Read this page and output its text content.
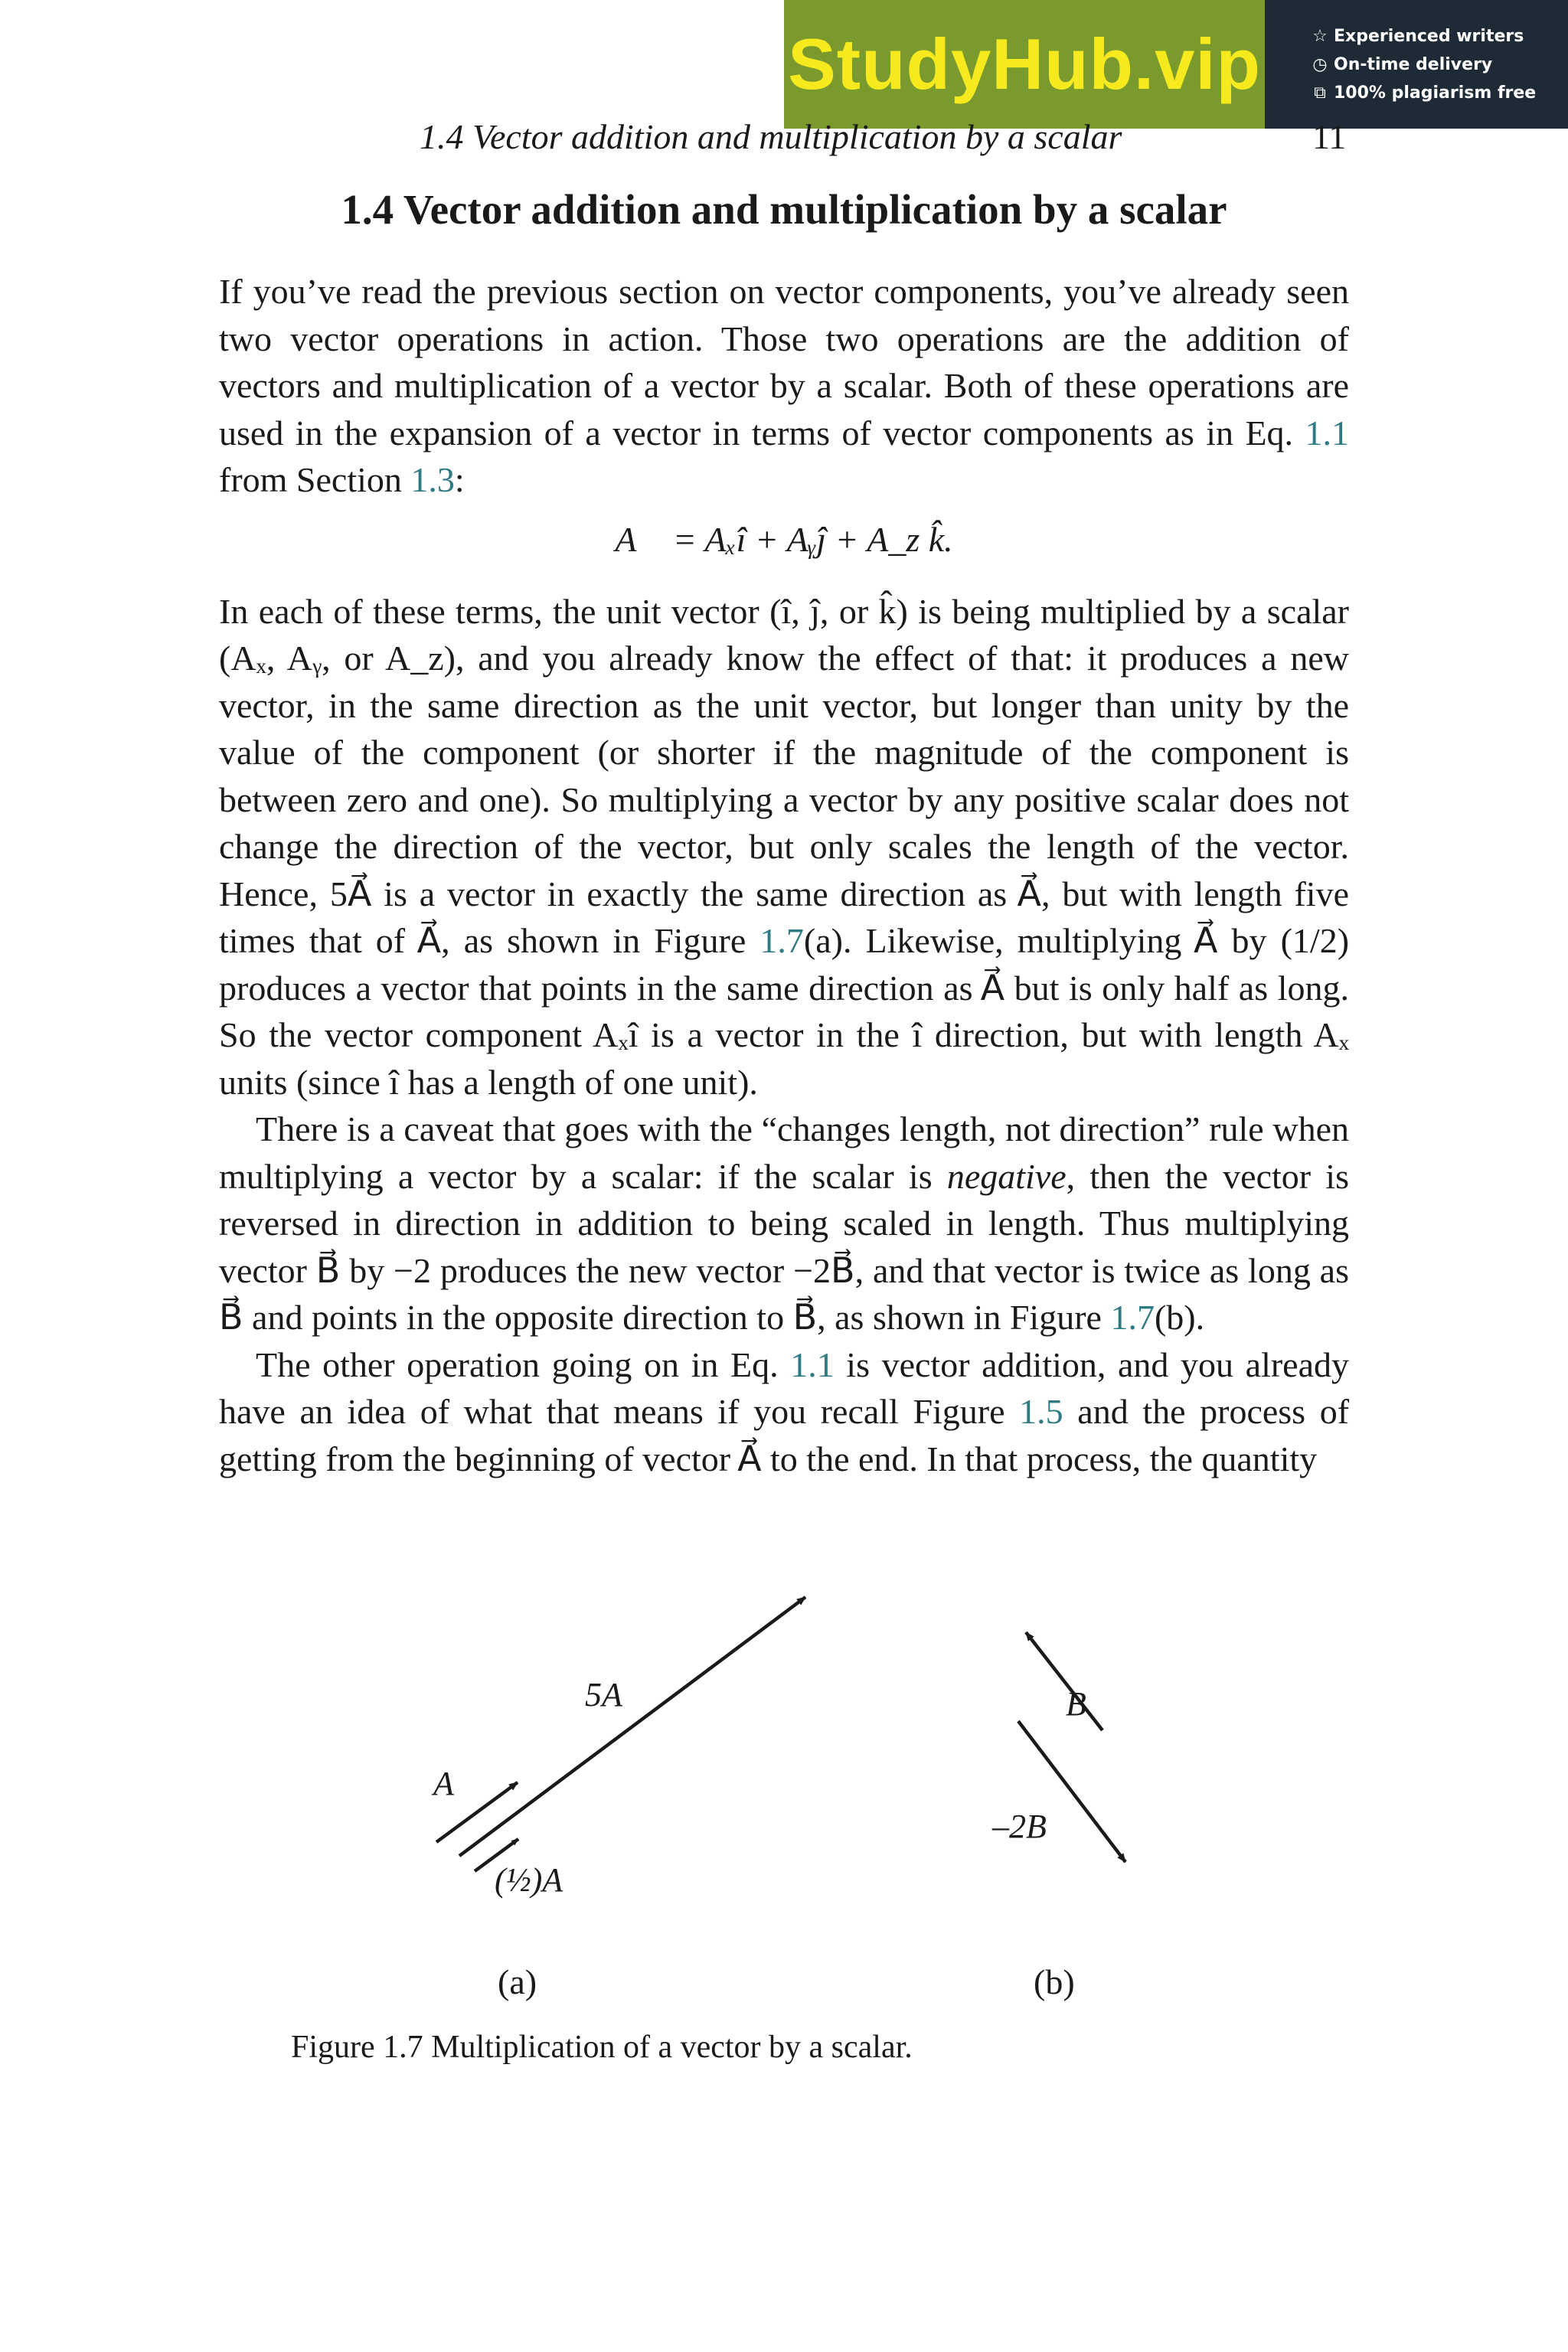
StudyHub.vip	☆ Experienced writers
◷ On-time delivery
⧉ 100% plagiarism free
1.4 Vector addition and multiplication by a scalar	11
1.4 Vector addition and multiplication by a scalar

If you’ve read the previous section on vector components, you’ve already seen two vector operations in action. Those two operations are the addition of vectors and multiplication of a vector by a scalar. Both of these operations are used in the expansion of a vector in terms of vector components as in Eq. 1.1 from Section 1.3:

A⃗ = Aₓî + Aᵧĵ + A_z k̂.

In each of these terms, the unit vector (î, ĵ, or k̂) is being multiplied by a scalar (Aₓ, Aᵧ, or A_z), and you already know the effect of that: it produces a new vector, in the same direction as the unit vector, but longer than unity by the value of the component (or shorter if the magnitude of the component is between zero and one). So multiplying a vector by any positive scalar does not change the direction of the vector, but only scales the length of the vector. Hence, 5A⃗ is a vector in exactly the same direction as A⃗, but with length five times that of A⃗, as shown in Figure 1.7(a). Likewise, multiplying A⃗ by (1/2) produces a vector that points in the same direction as A⃗ but is only half as long. So the vector component Aₓî is a vector in the î direction, but with length Aₓ units (since î has a length of one unit).

There is a caveat that goes with the “changes length, not direction” rule when multiplying a vector by a scalar: if the scalar is negative, then the vector is reversed in direction in addition to being scaled in length. Thus multiplying vector B⃗ by −2 produces the new vector −2B⃗, and that vector is twice as long as B⃗ and points in the opposite direction to B⃗, as shown in Figure 1.7(b).

The other operation going on in Eq. 1.1 is vector addition, and you already have an idea of what that means if you recall Figure 1.5 and the process of getting from the beginning of vector A⃗ to the end. In that process, the quantity

5A⃗
A⃗
(½)A⃗
B⃗
–2B⃗
(a)	(b)
Figure 1.7 Multiplication of a vector by a scalar.
